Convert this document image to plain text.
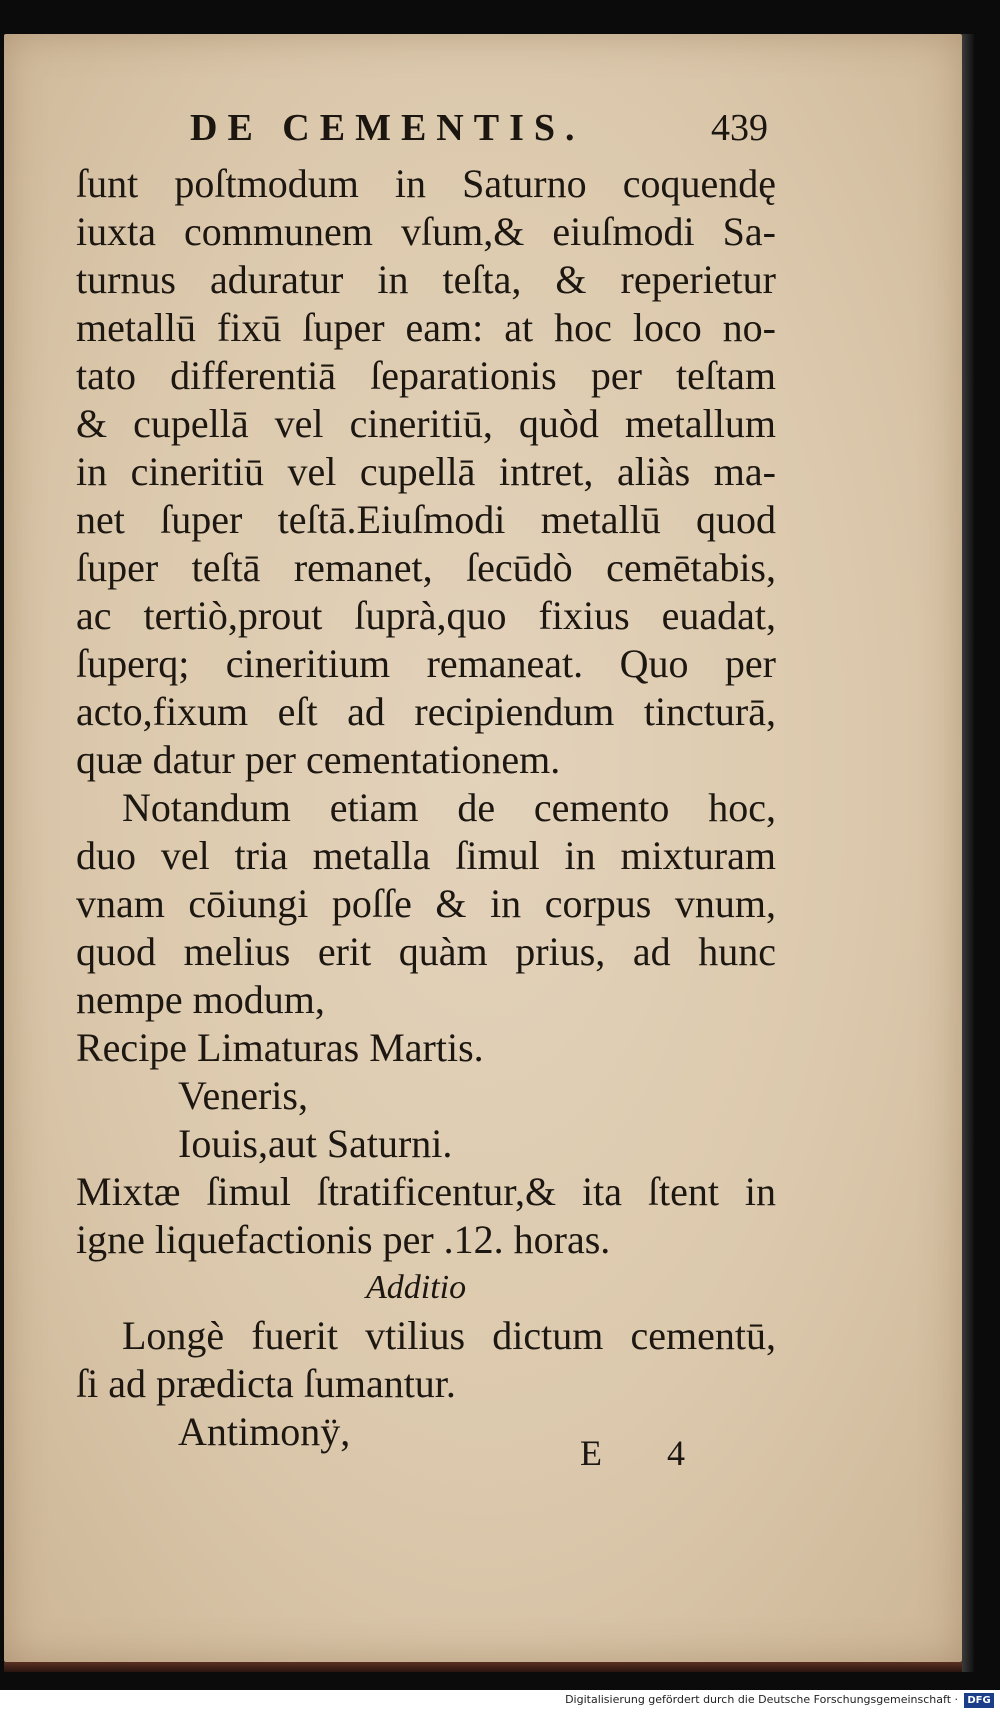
DE CEMENTIS.	439
ſunt poſtmodum in Saturno coquendę
iuxta communem vſum,& eiuſmodi Sa-
turnus aduratur in teſta, & reperietur
metallū fixū ſuper eam: at hoc loco no-
tato differentiā ſeparationis per teſtam
& cupellā vel cineritiū, quòd metallum
in cineritiū vel cupellā intret, aliàs ma-
net ſuper teſtā.Eiuſmodi metallū quod
ſuper teſtā remanet, ſecūdò cemētabis,
ac tertiò,prout ſuprà,quo fixius euadat,
ſuperq; cineritium remaneat. Quo per
acto,fixum eſt ad recipiendum tincturā,
quæ datur per cementationem.
Notandum etiam de cemento hoc,
duo vel tria metalla ſimul in mixturam
vnam cōiungi poſſe & in corpus vnum,
quod melius erit quàm prius, ad hunc
nempe modum,
Recipe Limaturas Martis.
Veneris,
Iouis,aut Saturni.
Mixtæ ſimul ſtratificentur,& ita ſtent in
igne liquefactionis per .12. horas.
Additio
Longè fuerit vtilius dictum cementū,
ſi ad prædicta ſumantur.
Antimonÿ,	E 4
Digitalisierung gefördert durch die Deutsche Forschungsgemeinschaft · DFG
